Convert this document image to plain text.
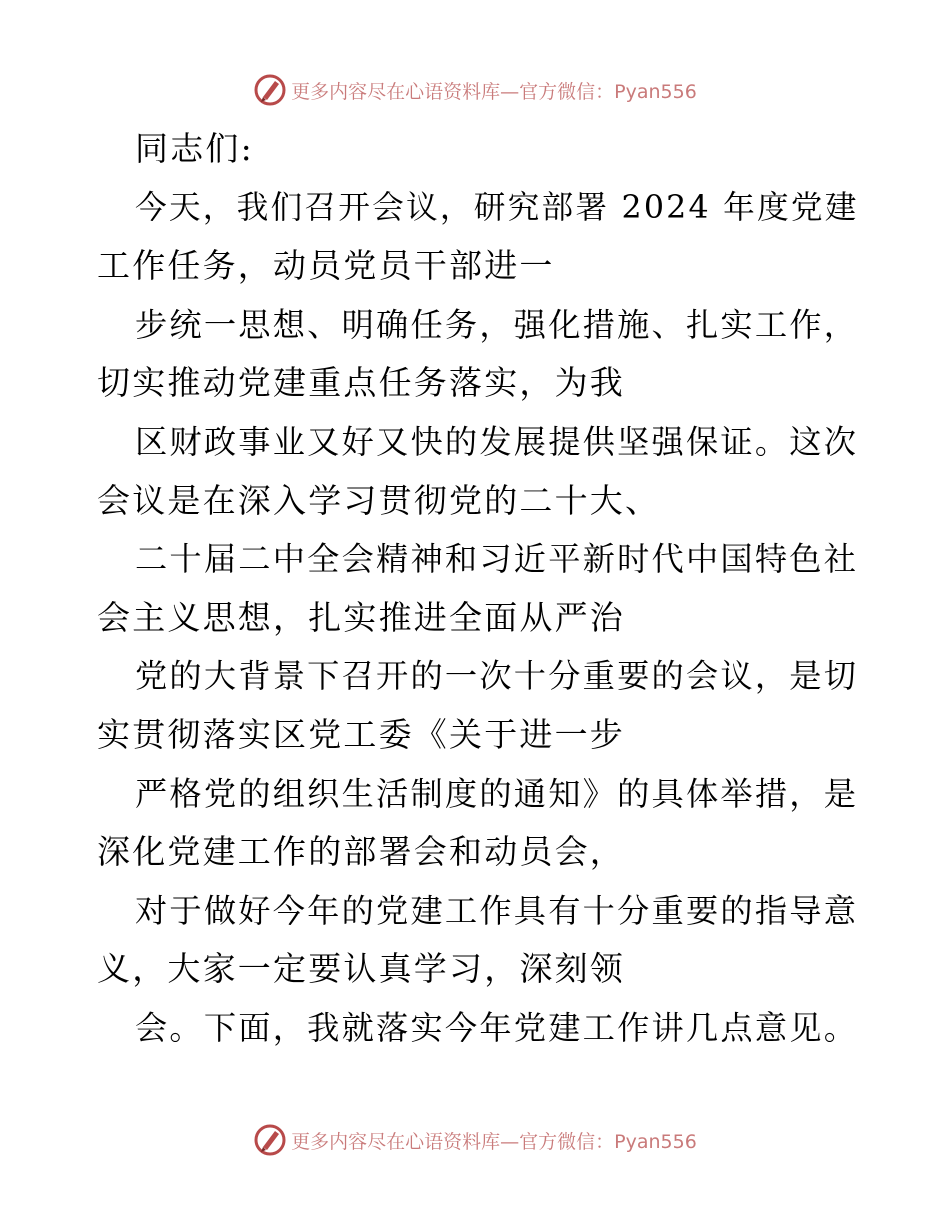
更多内容尽在心语资料库—官方微信：Pyan556
同志们:
今天，我们召开会议，研究部署 2024 年度党建
工作任务，动员党员干部进一
步统一思想、明确任务，强化措施、扎实工作，
切实推动党建重点任务落实，为我
区财政事业又好又快的发展提供坚强保证。这次
会议是在深入学习贯彻党的二十大、
二十届二中全会精神和习近平新时代中国特色社
会主义思想，扎实推进全面从严治
党的大背景下召开的一次十分重要的会议，是切
实贯彻落实区党工委《关于进一步
严格党的组织生活制度的通知》的具体举措，是
深化党建工作的部署会和动员会，
对于做好今年的党建工作具有十分重要的指导意
义，大家一定要认真学习，深刻领
会。下面，我就落实今年党建工作讲几点意见。
更多内容尽在心语资料库—官方微信：Pyan556
